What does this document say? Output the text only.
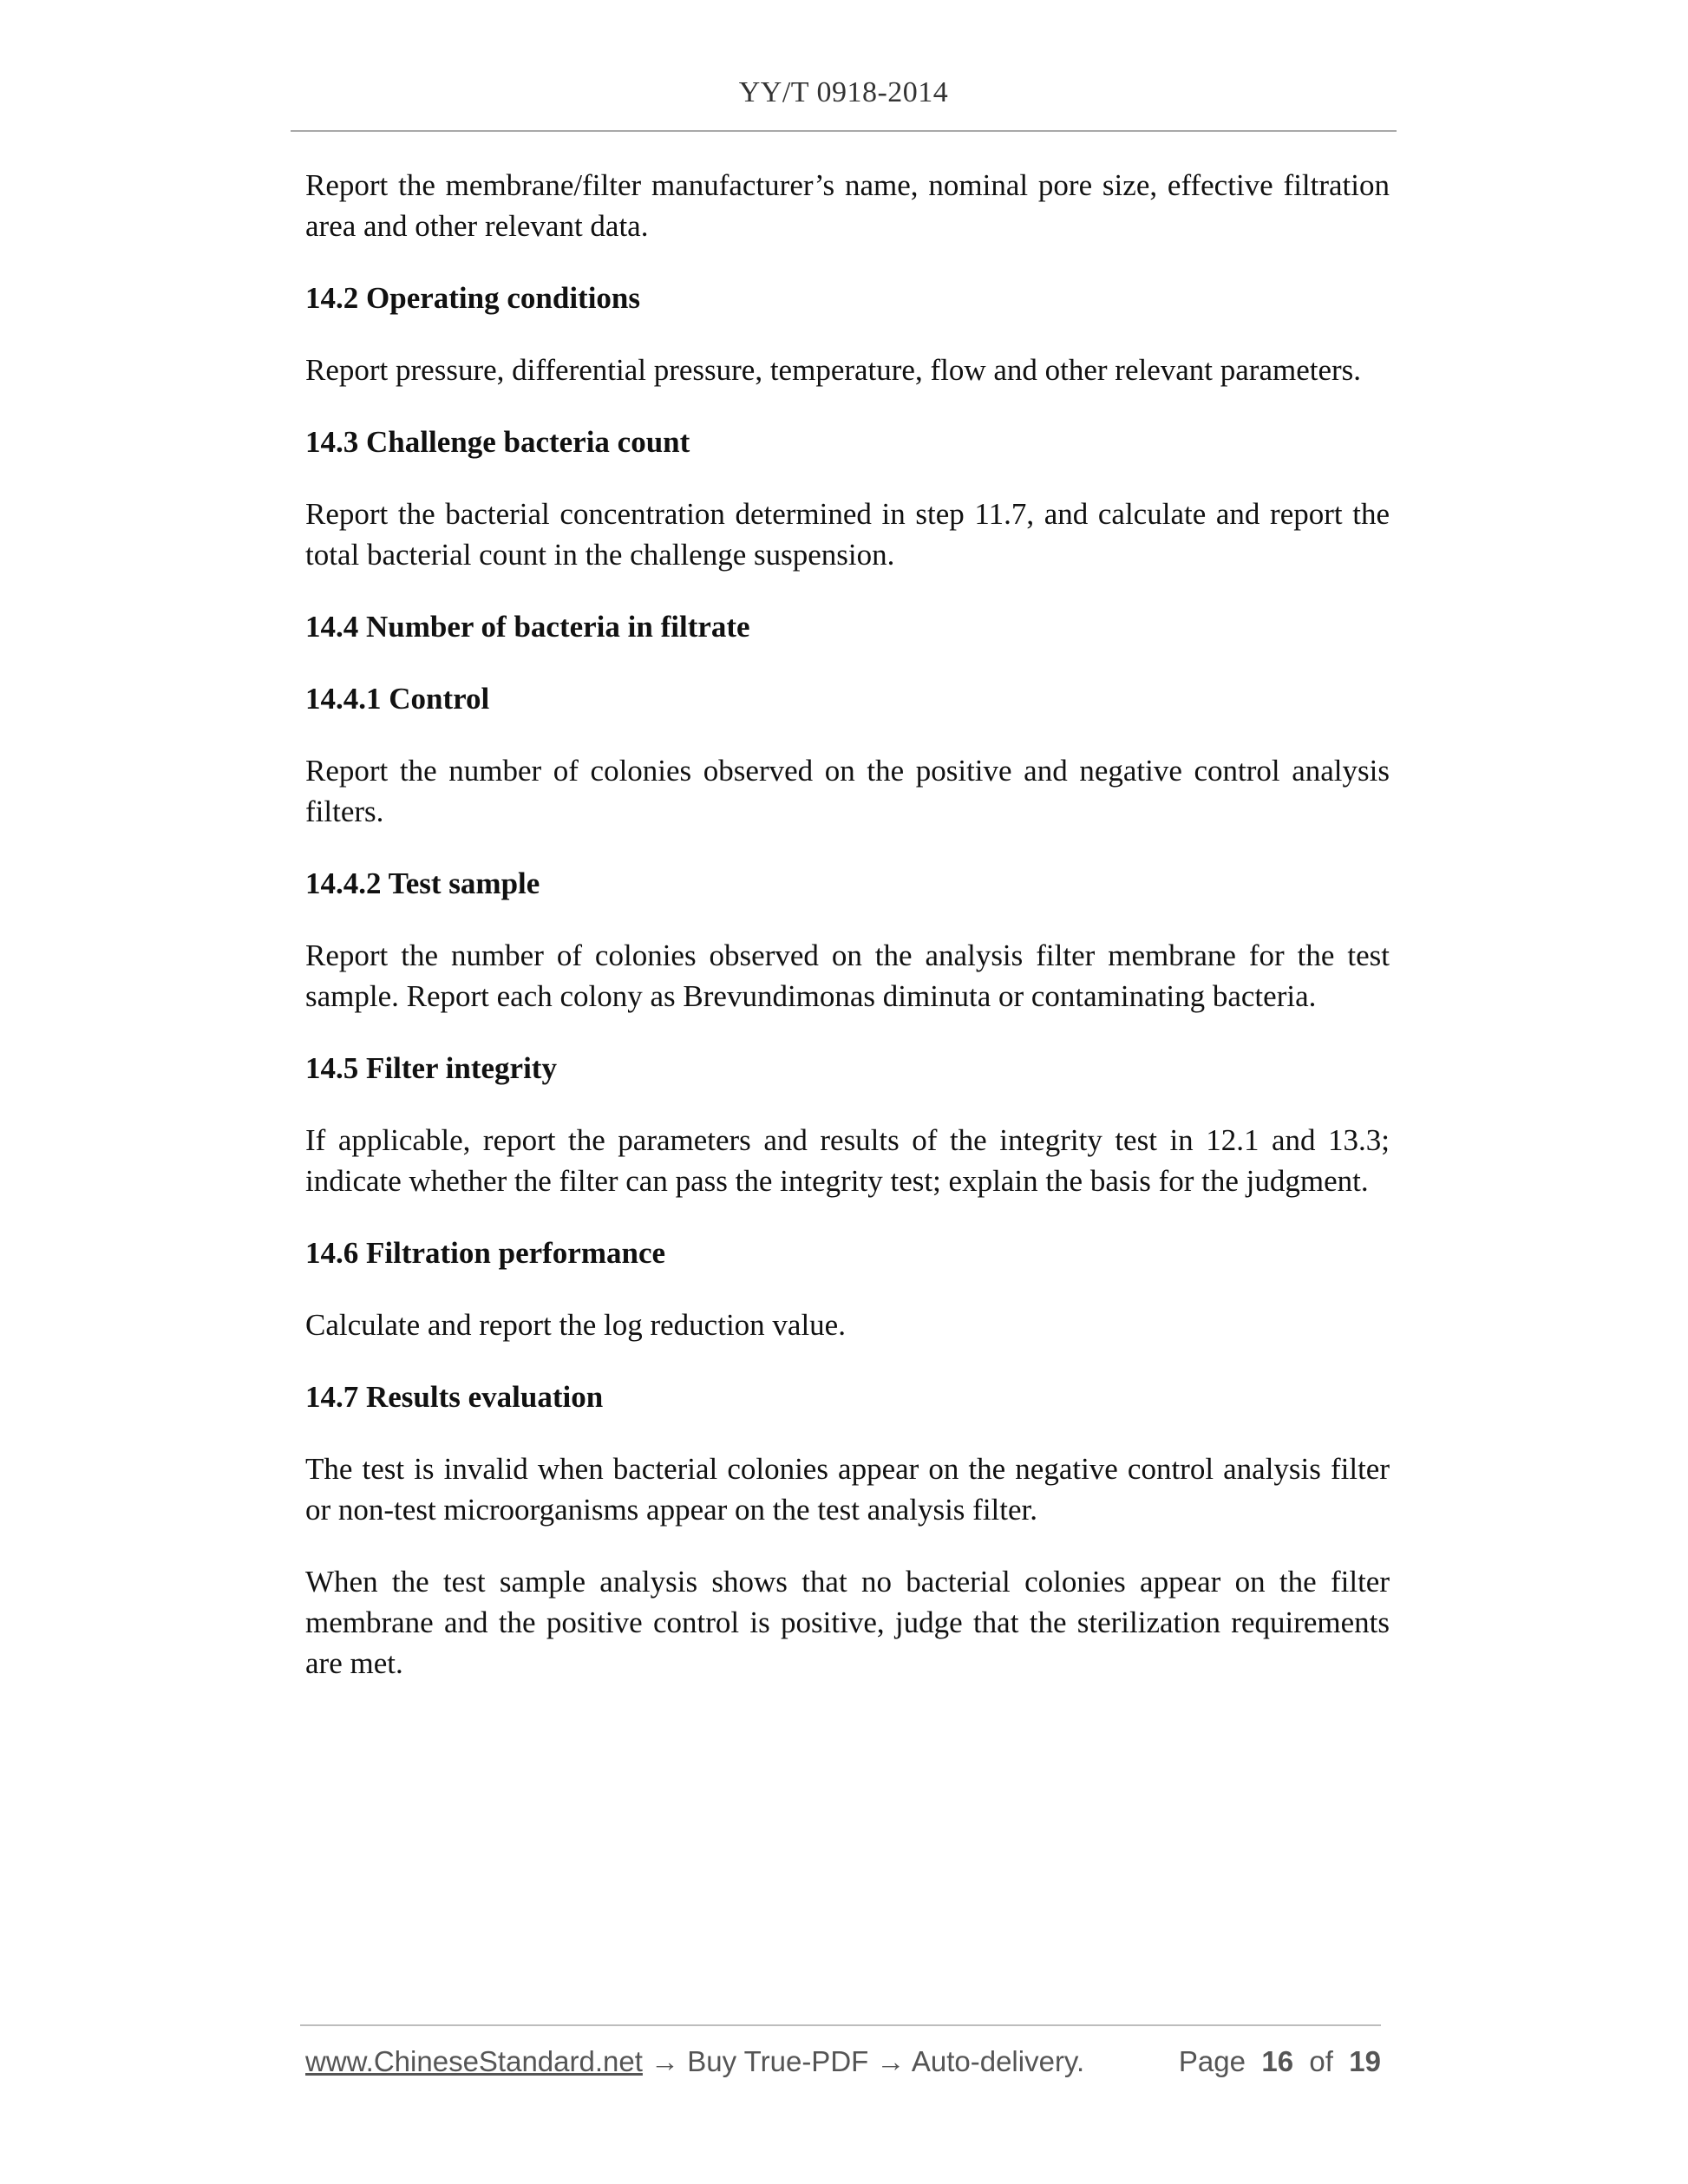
YY/T 0918-2014

Report the membrane/filter manufacturer’s name, nominal pore size, effective filtration area and other relevant data.

14.2 Operating conditions

Report pressure, differential pressure, temperature, flow and other relevant parameters.

14.3 Challenge bacteria count

Report the bacterial concentration determined in step 11.7, and calculate and report the total bacterial count in the challenge suspension.

14.4 Number of bacteria in filtrate
14.4.1 Control

Report the number of colonies observed on the positive and negative control analysis filters.

14.4.2 Test sample

Report the number of colonies observed on the analysis filter membrane for the test sample. Report each colony as Brevundimonas diminuta or contaminating bacteria.

14.5 Filter integrity

If applicable, report the parameters and results of the integrity test in 12.1 and 13.3; indicate whether the filter can pass the integrity test; explain the basis for the judgment.

14.6 Filtration performance

Calculate and report the log reduction value.

14.7 Results evaluation

The test is invalid when bacterial colonies appear on the negative control analysis filter or non-test microorganisms appear on the test analysis filter.

When the test sample analysis shows that no bacterial colonies appear on the filter membrane and the positive control is positive, judge that the sterilization requirements are met.

www.ChineseStandard.net → Buy True-PDF → Auto-delivery.	Page 16 of 19
